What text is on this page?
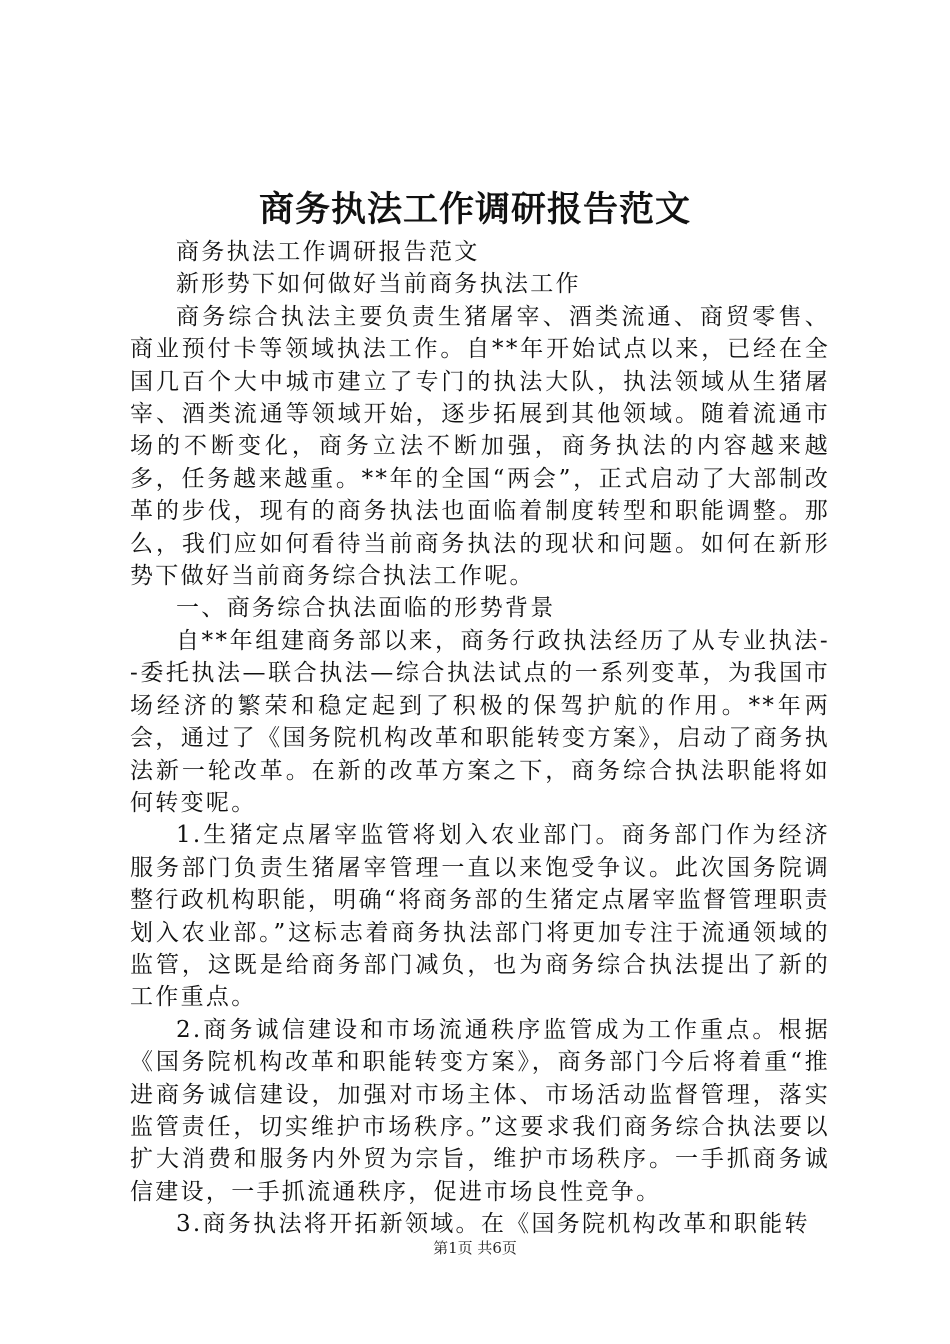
商务执法工作调研报告范文

商务执法工作调研报告范文

新形势下如何做好当前商务执法工作

商务综合执法主要负责生猪屠宰、酒类流通、商贸零售、商业预付卡等领域执法工作。自**年开始试点以来，已经在全国几百个大中城市建立了专门的执法大队，执法领域从生猪屠宰、酒类流通等领域开始，逐步拓展到其他领域。随着流通市场的不断变化，商务立法不断加强，商务执法的内容越来越多，任务越来越重。**年的全国“两会”，正式启动了大部制改革的步伐，现有的商务执法也面临着制度转型和职能调整。那么，我们应如何看待当前商务执法的现状和问题。如何在新形势下做好当前商务综合执法工作呢。

一、商务综合执法面临的形势背景

自**年组建商务部以来，商务行政执法经历了从专业执法--委托执法—联合执法—综合执法试点的一系列变革，为我国市场经济的繁荣和稳定起到了积极的保驾护航的作用。**年两会，通过了《国务院机构改革和职能转变方案》，启动了商务执法新一轮改革。在新的改革方案之下，商务综合执法职能将如何转变呢。

1.生猪定点屠宰监管将划入农业部门。商务部门作为经济服务部门负责生猪屠宰管理一直以来饱受争议。此次国务院调整行政机构职能，明确“将商务部的生猪定点屠宰监督管理职责划入农业部。”这标志着商务执法部门将更加专注于流通领域的监管，这既是给商务部门减负，也为商务综合执法提出了新的工作重点。

2.商务诚信建设和市场流通秩序监管成为工作重点。根据《国务院机构改革和职能转变方案》，商务部门今后将着重“推进商务诚信建设，加强对市场主体、市场活动监督管理，落实监管责任，切实维护市场秩序。”这要求我们商务综合执法要以扩大消费和服务内外贸为宗旨，维护市场秩序。一手抓商务诚信建设，一手抓流通秩序，促进市场良性竞争。

3.商务执法将开拓新领域。在《国务院机构改革和职能转

第1页 共6页
